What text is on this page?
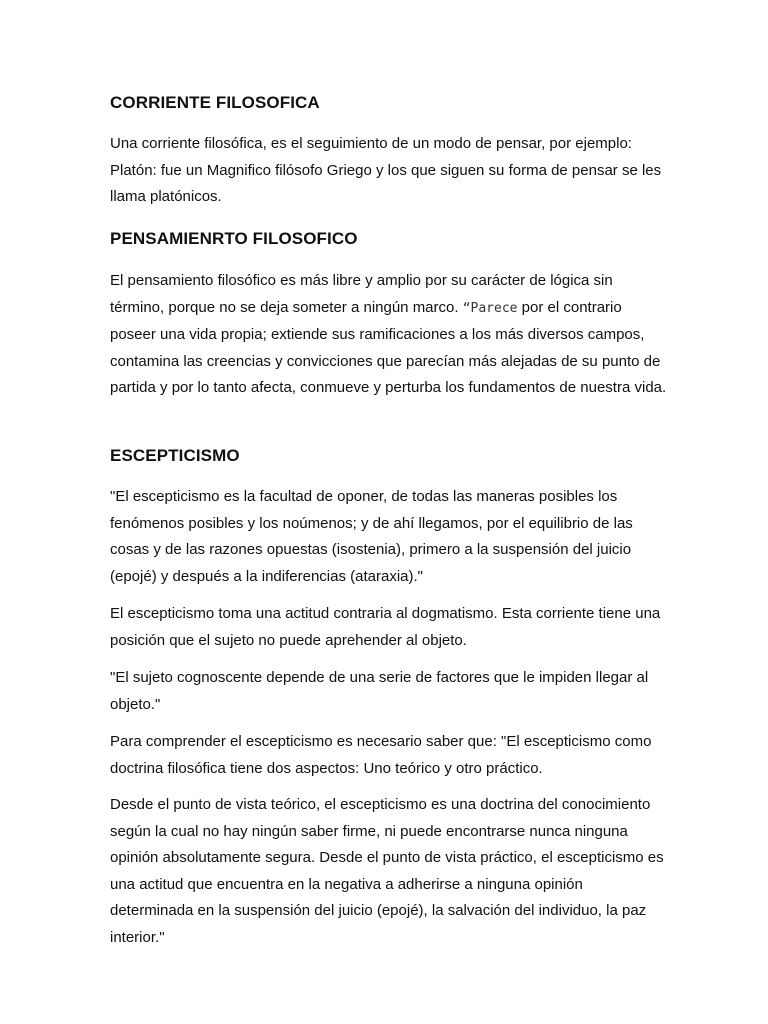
CORRIENTE FILOSOFICA

Una corriente filosófica, es el seguimiento de un modo de pensar, por ejemplo: Platón: fue un Magnifico filósofo Griego y los que siguen su forma de pensar se les llama platónicos.

PENSAMIENRTO FILOSOFICO

El pensamiento filosófico es más libre y amplio por su carácter de lógica sin término, porque no se deja someter a ningún marco. “Parece por el contrario poseer una vida propia; extiende sus ramificaciones a los más diversos campos, contamina las creencias y convicciones que parecían más alejadas de su punto de partida y por lo tanto afecta, conmueve y perturba los fundamentos de nuestra vida.

ESCEPTICISMO

"El escepticismo es la facultad de oponer, de todas las maneras posibles los fenómenos posibles y los noúmenos; y de ahí llegamos, por el equilibrio de las cosas y de las razones opuestas (isostenia), primero a la suspensión del juicio (epojé) y después a la indiferencias (ataraxia)."

El escepticismo toma una actitud contraria al dogmatismo. Esta corriente tiene una posición que el sujeto no puede aprehender al objeto.

"El sujeto cognoscente depende de una serie de factores que le impiden llegar al objeto."

Para comprender el escepticismo es necesario saber que: "El escepticismo como doctrina filosófica tiene dos aspectos: Uno teórico y otro práctico.

Desde el punto de vista teórico, el escepticismo es una doctrina del conocimiento según la cual no hay ningún saber firme, ni puede encontrarse nunca ninguna opinión absolutamente segura. Desde el punto de vista práctico, el escepticismo es una actitud que encuentra en la negativa a adherirse a ninguna opinión determinada en la suspensión del juicio (epojé), la salvación del individuo, la paz interior."
